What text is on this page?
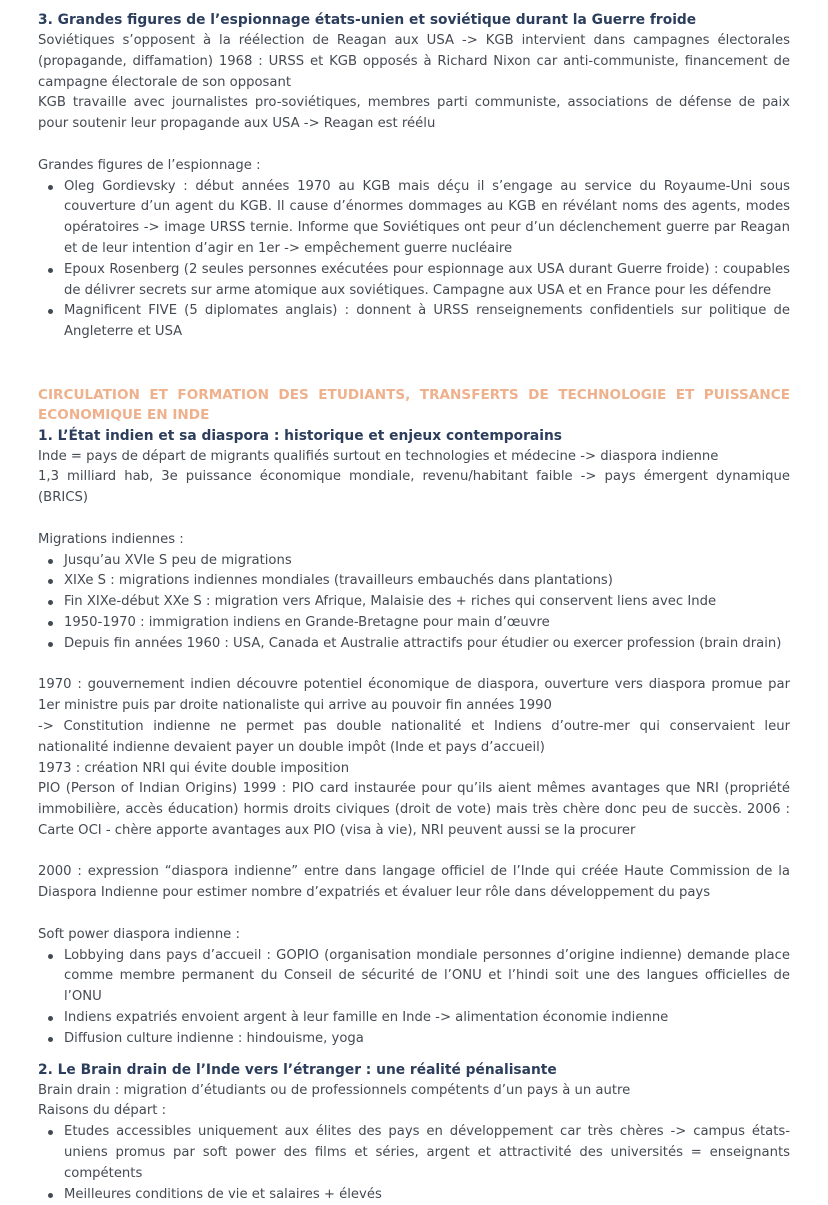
3. Grandes figures de l’espionnage états-unien et soviétique durant la Guerre froide

Soviétiques s’opposent à la réélection de Reagan aux USA -> KGB intervient dans campagnes électorales (propagande, diffamation) 1968 : URSS et KGB opposés à Richard Nixon car anti-communiste, financement de campagne électorale de son opposant

KGB travaille avec journalistes pro-soviétiques, membres parti communiste, associations de défense de paix pour soutenir leur propagande aux USA -> Reagan est réélu

Grandes figures de l’espionnage :

Oleg Gordievsky : début années 1970 au KGB mais déçu il s’engage au service du Royaume-Uni sous couverture d’un agent du KGB. Il cause d’énormes dommages au KGB en révélant noms des agents, modes opératoires -> image URSS ternie. Informe que Soviétiques ont peur d’un déclenchement guerre par Reagan et de leur intention d’agir en 1er -> empêchement guerre nucléaire
Epoux Rosenberg (2 seules personnes exécutées pour espionnage aux USA durant Guerre froide) : coupables de délivrer secrets sur arme atomique aux soviétiques. Campagne aux USA et en France pour les défendre
Magnificent FIVE (5 diplomates anglais) : donnent à URSS renseignements confidentiels sur politique de Angleterre et USA
CIRCULATION ET FORMATION DES ETUDIANTS, TRANSFERTS DE TECHNOLOGIE ET PUISSANCE ECONOMIQUE EN INDE
1. L’État indien et sa diaspora : historique et enjeux contemporains

Inde = pays de départ de migrants qualifiés surtout en technologies et médecine -> diaspora indienne

1,3 milliard hab, 3e puissance économique mondiale, revenu/habitant faible -> pays émergent dynamique (BRICS)

Migrations indiennes :

Jusqu’au XVIe S peu de migrations
XIXe S : migrations indiennes mondiales (travailleurs embauchés dans plantations)
Fin XIXe-début XXe S : migration vers Afrique, Malaisie des + riches qui conservent liens avec Inde
1950-1970 : immigration indiens en Grande-Bretagne pour main d’œuvre
Depuis fin années 1960 : USA, Canada et Australie attractifs pour étudier ou exercer profession (brain drain)

1970 : gouvernement indien découvre potentiel économique de diaspora, ouverture vers diaspora promue par 1er ministre puis par droite nationaliste qui arrive au pouvoir fin années 1990

-> Constitution indienne ne permet pas double nationalité et Indiens d’outre-mer qui conservaient leur nationalité indienne devaient payer un double impôt (Inde et pays d’accueil)

1973 : création NRI qui évite double imposition

PIO (Person of Indian Origins) 1999 : PIO card instaurée pour qu’ils aient mêmes avantages que NRI (propriété immobilière, accès éducation) hormis droits civiques (droit de vote) mais très chère donc peu de succès. 2006 : Carte OCI - chère apporte avantages aux PIO (visa à vie), NRI peuvent aussi se la procurer

2000 : expression “diaspora indienne” entre dans langage officiel de l’Inde qui créée Haute Commission de la Diaspora Indienne pour estimer nombre d’expatriés et évaluer leur rôle dans développement du pays

Soft power diaspora indienne :

Lobbying dans pays d’accueil : GOPIO (organisation mondiale personnes d’origine indienne) demande place comme membre permanent du Conseil de sécurité de l’ONU et l’hindi soit une des langues officielles de l’ONU
Indiens expatriés envoient argent à leur famille en Inde -> alimentation économie indienne
Diffusion culture indienne : hindouisme, yoga
2. Le Brain drain de l’Inde vers l’étranger : une réalité pénalisante

Brain drain : migration d’étudiants ou de professionnels compétents d’un pays à un autre

Raisons du départ :

Etudes accessibles uniquement aux élites des pays en développement car très chères -> campus états-uniens promus par soft power des films et séries, argent et attractivité des universités = enseignants compétents
Meilleures conditions de vie et salaires + élevés
